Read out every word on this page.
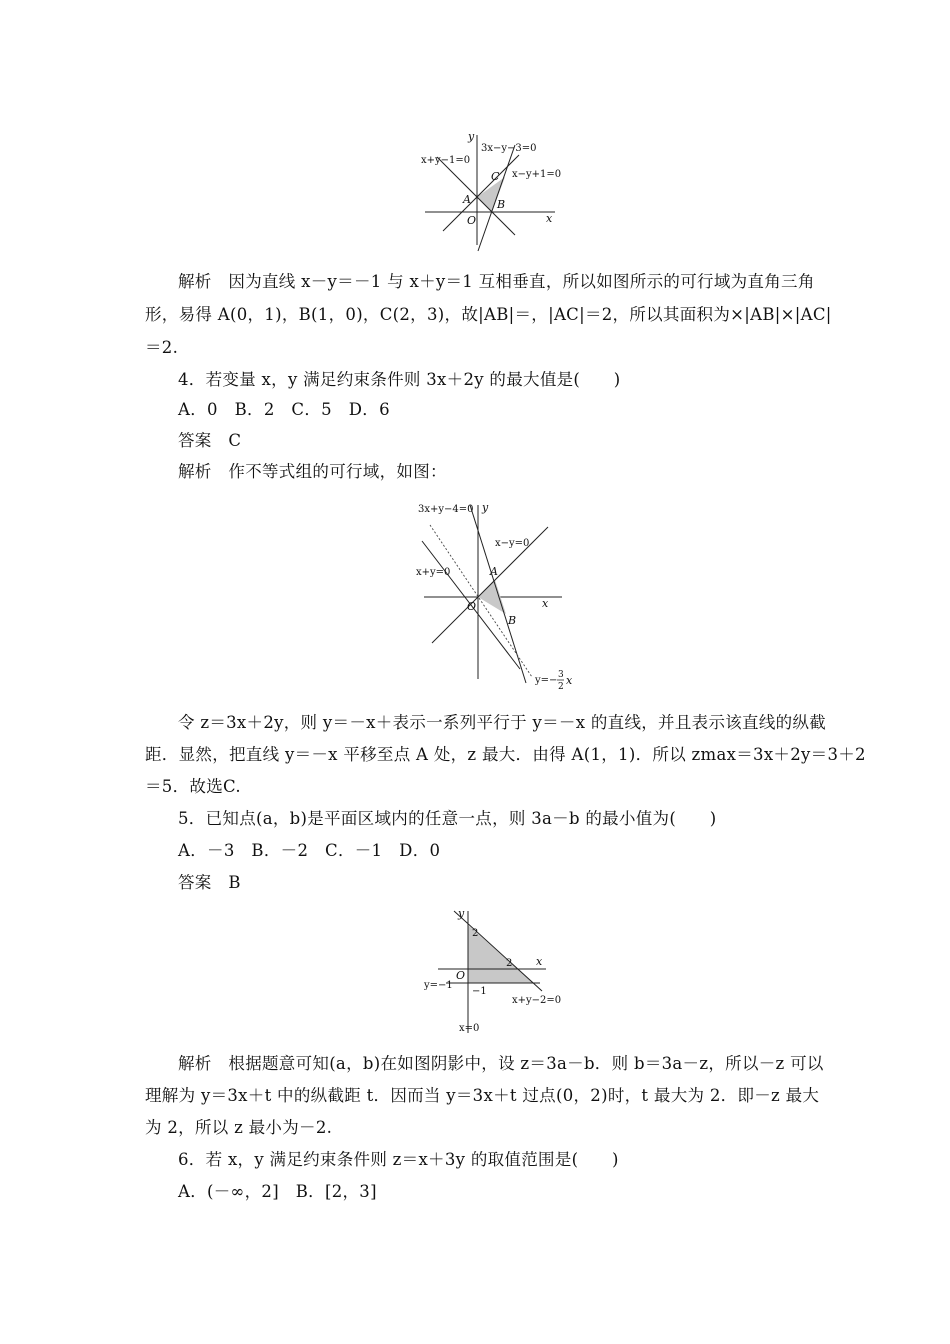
y
x
3x−y−3=0
x+y−1=0
x−y+1=0
A B
C
O
解析　因为直线 x－y＝－1 与 x＋y＝1 互相垂直，所以如图所示的可行域为直角三角
形，易得 A(0，1)，B(1，0)，C(2，3)，故|AB|＝，|AC|＝2，所以其面积为×|AB|×|AC|
＝2.
4．若变量 x，y 满足约束条件则 3x＋2y 的最大值是(　　)
A．0　B．2　C．5　D．6
答案　C
解析　作不等式组的可行域，如图：
3x+y−4=0 y
x−y=0
x+y=0	A
x
O
B
y=− 3
2 x
令 z＝3x＋2y，则 y＝－x＋表示一系列平行于 y＝－x 的直线，并且表示该直线的纵截
距．显然，把直线 y＝－x 平移至点 A 处，z 最大．由得 A(1，1)．所以 zmax＝3x＋2y＝3＋2
＝5．故选C.
5．已知点(a，b)是平面区域内的任意一点，则 3a－b 的最小值为(　　)
A．－3　B．－2　C．－1　D．0
答案　B
y
2
2 x
O
y=−1
−1
x+y−2=0
x=0
解析　根据题意可知(a，b)在如图阴影中，设 z＝3a－b．则 b＝3a－z，所以－z 可以
理解为 y＝3x＋t 中的纵截距 t．因而当 y＝3x＋t 过点(0，2)时，t 最大为 2．即－z 最大
为 2，所以 z 最小为－2.
6．若 x，y 满足约束条件则 z＝x＋3y 的取值范围是(　　)
A．(－∞，2]　B．[2，3]
